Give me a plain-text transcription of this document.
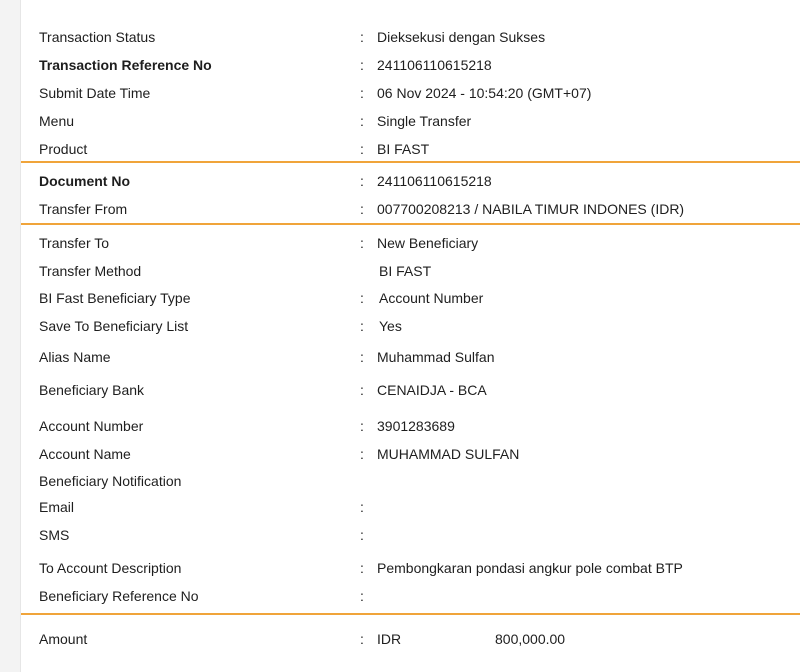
Transaction Status	: Dieksekusi dengan Sukses
Transaction Reference No	: 241106110615218
Submit Date Time	: 06 Nov 2024 - 10:54:20 (GMT+07)
Menu	: Single Transfer
Product	: BI FAST
Document No	: 241106110615218
Transfer From	: 007700208213 / NABILA TIMUR INDONES (IDR)
Transfer To	: New Beneficiary
Transfer Method	BI FAST
BI Fast Beneficiary Type	: Account Number
Save To Beneficiary List	: Yes
Alias Name	: Muhammad Sulfan
Beneficiary Bank	: CENAIDJA - BCA
Account Number	: 3901283689
Account Name	: MUHAMMAD SULFAN
Beneficiary Notification
Email	:
SMS	:
To Account Description	: Pembongkaran pondasi angkur pole combat BTP
Beneficiary Reference No	:
Amount	: IDR	800,000.00
